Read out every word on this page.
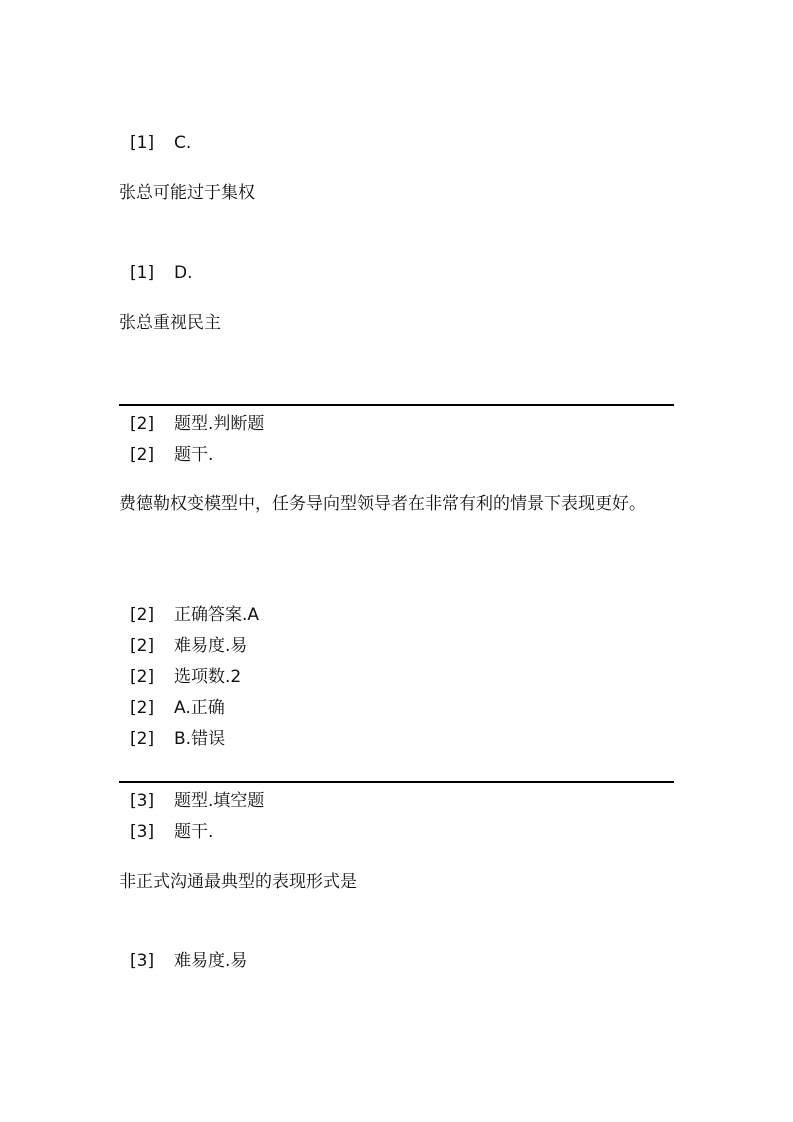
[1] C.
张总可能过于集权
[1] D.
张总重视民主
[2] 题型.判断题
[2] 题干.
费德勒权变模型中，任务导向型领导者在非常有利的情景下表现更好。
[2] 正确答案.A
[2] 难易度.易
[2] 选项数.2
[2] A.正确
[2] B.错误
[3] 题型.填空题
[3] 题干.
非正式沟通最典型的表现形式是
[3] 难易度.易
